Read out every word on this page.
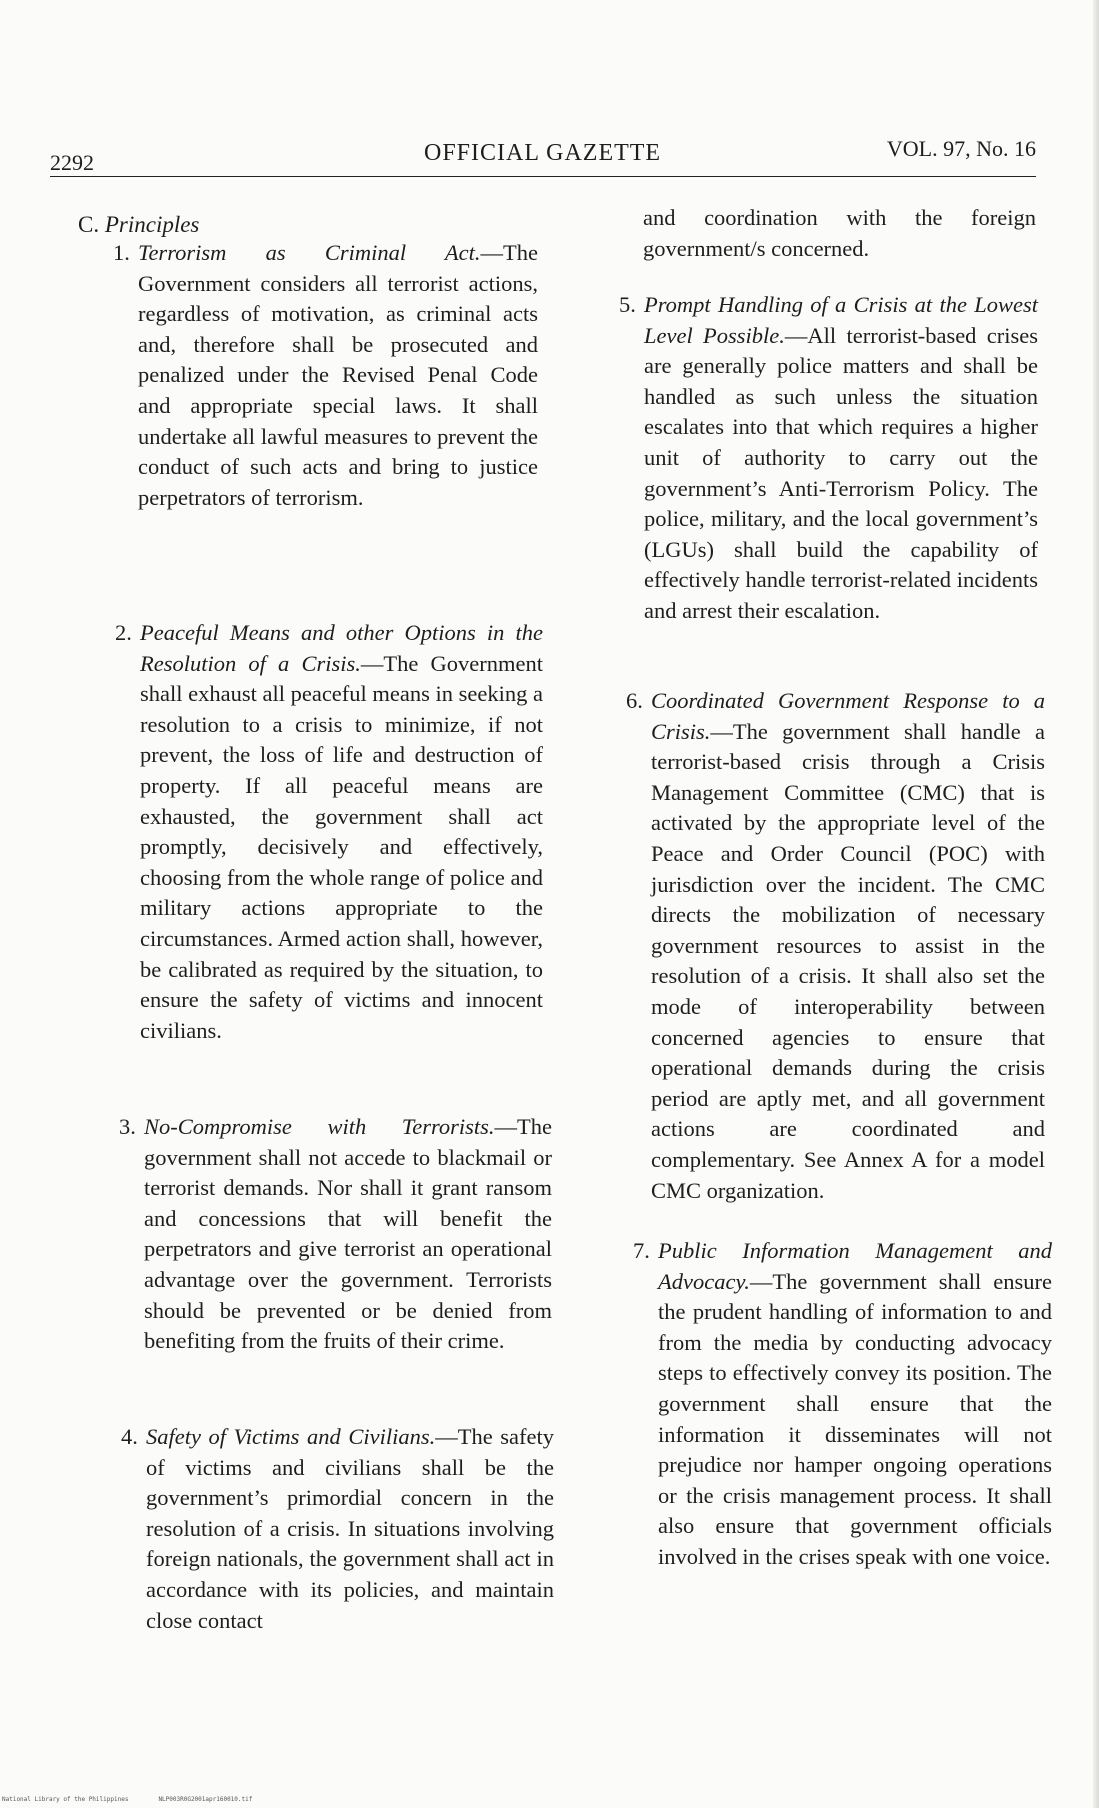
2292	OFFICIAL GAZETTE	VOL. 97, No. 16
C. Principles
1. Terrorism as Criminal Act.—The Government considers all terrorist actions, regardless of motivation, as criminal acts and, therefore shall be prosecuted and penalized under the Revised Penal Code and appropriate special laws. It shall undertake all lawful measures to prevent the conduct of such acts and bring to justice perpetrators of terrorism.

2. Peaceful Means and other Options in the Resolution of a Crisis.—The Government shall exhaust all peaceful means in seeking a resolution to a crisis to minimize, if not prevent, the loss of life and destruction of property. If all peaceful means are exhausted, the government shall act promptly, decisively and effectively, choosing from the whole range of police and military actions appropriate to the circumstances. Armed action shall, however, be calibrated as required by the situation, to ensure the safety of victims and innocent civilians.

3. No-Compromise with Terrorists.—The government shall not accede to blackmail or terrorist demands. Nor shall it grant ransom and concessions that will benefit the perpetrators and give terrorist an operational advantage over the government. Terrorists should be prevented or be denied from benefiting from the fruits of their crime.

4. Safety of Victims and Civilians.—The safety of victims and civilians shall be the government’s primordial concern in the resolution of a crisis. In situations involving foreign nationals, the government shall act in accordance with its policies, and maintain close contact

and coordination with the foreign government/s concerned.

5. Prompt Handling of a Crisis at the Lowest Level Possible.—All terrorist-based crises are generally police matters and shall be handled as such unless the situation escalates into that which requires a higher unit of authority to carry out the government’s Anti-Terrorism Policy. The police, military, and the local government’s (LGUs) shall build the capability of effectively handle terrorist-related incidents and arrest their escalation.

6. Coordinated Government Response to a Crisis.—The government shall handle a terrorist-based crisis through a Crisis Management Committee (CMC) that is activated by the appropriate level of the Peace and Order Council (POC) with jurisdiction over the incident. The CMC directs the mobilization of necessary government resources to assist in the resolution of a crisis. It shall also set the mode of interoperability between concerned agencies to ensure that operational demands during the crisis period are aptly met, and all government actions are coordinated and complementary. See Annex A for a model CMC organization.

7. Public Information Management and Advocacy.—The government shall ensure the prudent handling of information to and from the media by conducting advocacy steps to effectively convey its position. The government shall ensure that the information it disseminates will not prejudice nor hamper ongoing operations or the crisis management process. It shall also ensure that government officials involved in the crises speak with one voice.

National Library of the Philippines	NLP003R0G2001apr160010.tif
